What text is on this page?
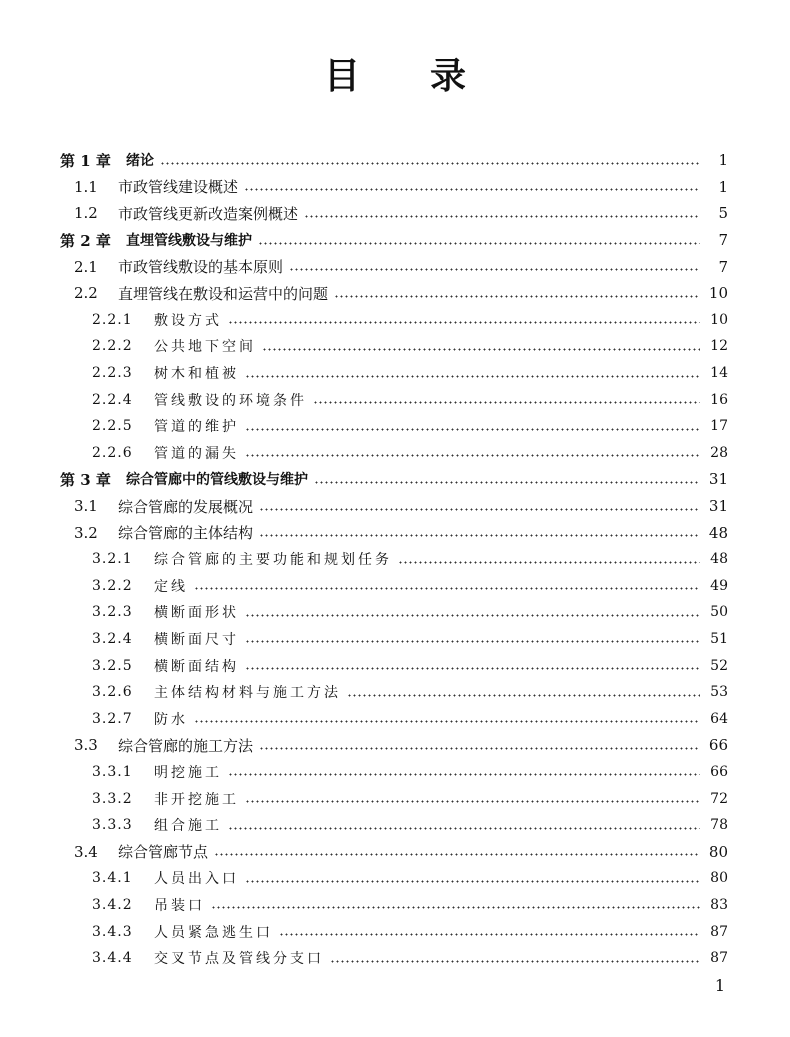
目 录
第 1 章	绪论	1
1.1	市政管线建设概述	1
1.2	市政管线更新改造案例概述	5
第 2 章	直埋管线敷设与维护	7
2.1	市政管线敷设的基本原则	7
2.2	直埋管线在敷设和运营中的问题	10
2.2.1	敷设方式	10
2.2.2	公共地下空间	12
2.2.3	树木和植被	14
2.2.4	管线敷设的环境条件	16
2.2.5	管道的维护	17
2.2.6	管道的漏失	28
第 3 章	综合管廊中的管线敷设与维护	31
3.1	综合管廊的发展概况	31
3.2	综合管廊的主体结构	48
3.2.1	综合管廊的主要功能和规划任务	48
3.2.2	定线	49
3.2.3	横断面形状	50
3.2.4	横断面尺寸	51
3.2.5	横断面结构	52
3.2.6	主体结构材料与施工方法	53
3.2.7	防水	64
3.3	综合管廊的施工方法	66
3.3.1	明挖施工	66
3.3.2	非开挖施工	72
3.3.3	组合施工	78
3.4	综合管廊节点	80
3.4.1	人员出入口	80
3.4.2	吊装口	83
3.4.3	人员紧急逃生口	87
3.4.4	交叉节点及管线分支口	87
1
